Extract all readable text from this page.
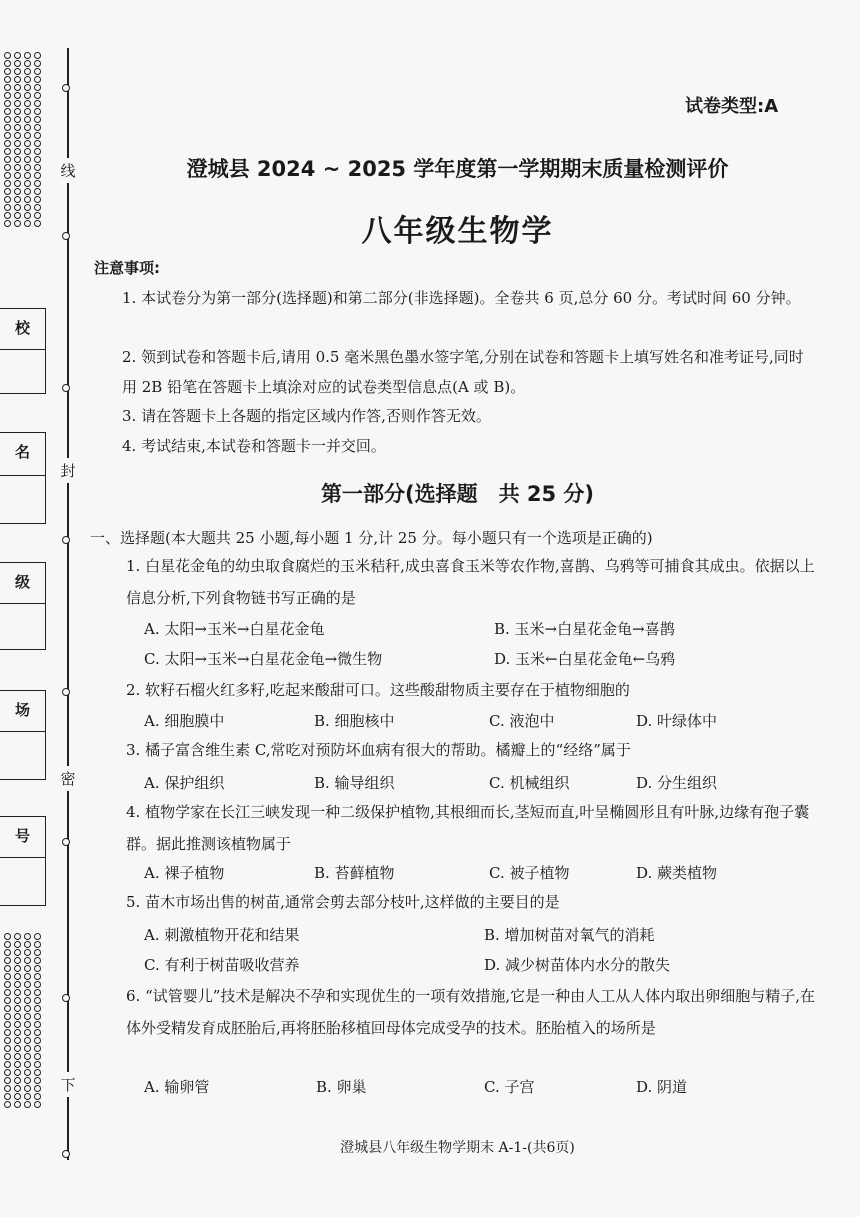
线
封
密
下
校
名
级
场
号
试卷类型:A
澄城县 2024 ~ 2025 学年度第一学期期末质量检测评价
八年级生物学
注意事项:
1. 本试卷分为第一部分(选择题)和第二部分(非选择题)。全卷共 6 页,总分 60 分。考试时间 60 分钟。
2. 领到试卷和答题卡后,请用 0.5 毫米黑色墨水签字笔,分别在试卷和答题卡上填写姓名和准考证号,同时用 2B 铅笔在答题卡上填涂对应的试卷类型信息点(A 或 B)。
3. 请在答题卡上各题的指定区域内作答,否则作答无效。
4. 考试结束,本试卷和答题卡一并交回。
第一部分(选择题　共 25 分)
一、选择题(本大题共 25 小题,每小题 1 分,计 25 分。每小题只有一个选项是正确的)
1. 白星花金龟的幼虫取食腐烂的玉米秸秆,成虫喜食玉米等农作物,喜鹊、乌鸦等可捕食其成虫。依据以上信息分析,下列食物链书写正确的是
A. 太阳→玉米→白星花金龟	B. 玉米→白星花金龟→喜鹊
C. 太阳→玉米→白星花金龟→微生物	D. 玉米←白星花金龟←乌鸦
2. 软籽石榴火红多籽,吃起来酸甜可口。这些酸甜物质主要存在于植物细胞的
A. 细胞膜中	B. 细胞核中	C. 液泡中	D. 叶绿体中
3. 橘子富含维生素 C,常吃对预防坏血病有很大的帮助。橘瓣上的“经络”属于
A. 保护组织	B. 输导组织	C. 机械组织	D. 分生组织
4. 植物学家在长江三峡发现一种二级保护植物,其根细而长,茎短而直,叶呈椭圆形且有叶脉,边缘有孢子囊群。据此推测该植物属于
A. 裸子植物	B. 苔藓植物	C. 被子植物	D. 蕨类植物
5. 苗木市场出售的树苗,通常会剪去部分枝叶,这样做的主要目的是
A. 刺激植物开花和结果	B. 增加树苗对氧气的消耗
C. 有利于树苗吸收营养	D. 减少树苗体内水分的散失
6. “试管婴儿”技术是解决不孕和实现优生的一项有效措施,它是一种由人工从人体内取出卵细胞与精子,在体外受精发育成胚胎后,再将胚胎移植回母体完成受孕的技术。胚胎植入的场所是
A. 输卵管	B. 卵巢	C. 子宫	D. 阴道
澄城县八年级生物学期末 A-1-(共6页)
